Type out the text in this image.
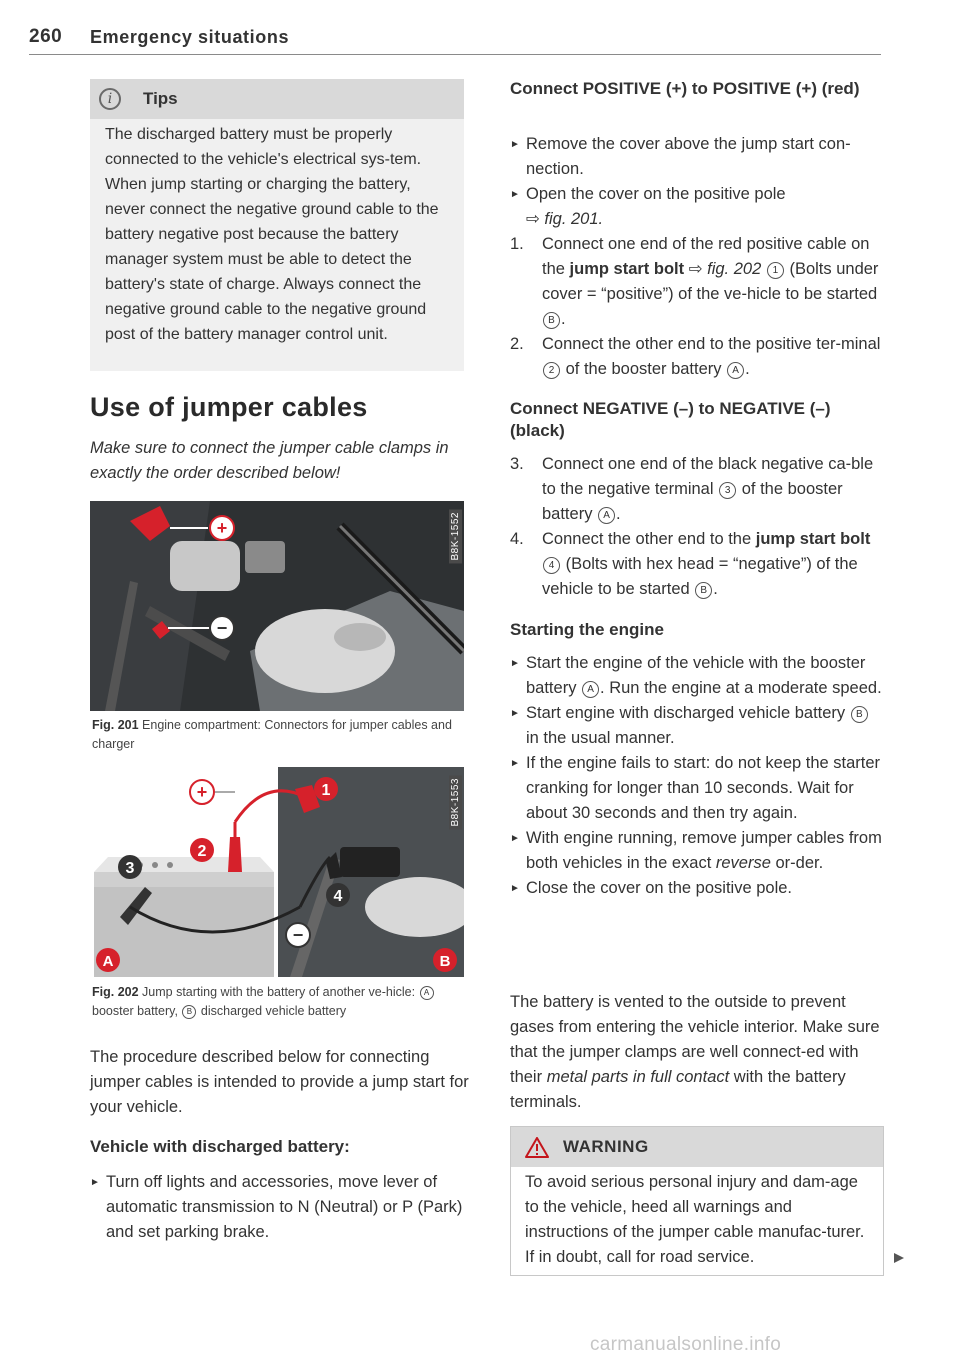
260 Emergency situations
i	Tips
The discharged battery must be properly connected to the vehicle's electrical sys-tem. When jump starting or charging the battery, never connect the negative ground cable to the battery negative post because the battery manager system must be able to detect the battery's state of charge. Always connect the negative ground cable to the negative ground post of the battery manager control unit.
Use of jumper cables
Make sure to connect the jumper cable clamps in exactly the order described below!
+
−
B8K-1552
Fig. 201 Engine compartment: Connectors for jumper cables and charger
+
−
1
2
3
4
A	B
B8K-1553
Fig. 202 Jump starting with the battery of another ve-hicle: A booster battery, B discharged vehicle battery
The procedure described below for connecting jumper cables is intended to provide a jump start for your vehicle.
Vehicle with discharged battery:
► Turn off lights and accessories, move lever of automatic transmission to N (Neutral) or P (Park) and set parking brake.
Connect POSITIVE (+) to POSITIVE (+) (red)
► Remove the cover above the jump start con-nection.
► Open the cover on the positive pole
⇨ fig. 201.
1. Connect one end of the red positive cable on the jump start bolt ⇨ fig. 202 1 (Bolts under cover = “positive”) of the ve-hicle to be started B .
2. Connect the other end to the positive ter-minal 2 of the booster battery A .
Connect NEGATIVE (–) to NEGATIVE (–) (black)
3. Connect one end of the black negative ca-ble to the negative terminal 3 of the booster battery A .
4. Connect the other end to the jump start bolt 4 (Bolts with hex head = “negative”) of the vehicle to be started B .
Starting the engine
► Start the engine of the vehicle with the booster battery A . Run the engine at a moderate speed.
► Start engine with discharged vehicle battery B in the usual manner.
► If the engine fails to start: do not keep the starter cranking for longer than 10 seconds. Wait for about 30 seconds and then try again.
► With engine running, remove jumper cables from both vehicles in the exact reverse or-der.
► Close the cover on the positive pole.
The battery is vented to the outside to prevent gases from entering the vehicle interior. Make sure that the jumper clamps are well connect-ed with their metal parts in full contact with the battery terminals.
WARNING
To avoid serious personal injury and dam-age to the vehicle, heed all warnings and instructions of the jumper cable manufac-turer. If in doubt, call for road service.
carmanualsonline.info
